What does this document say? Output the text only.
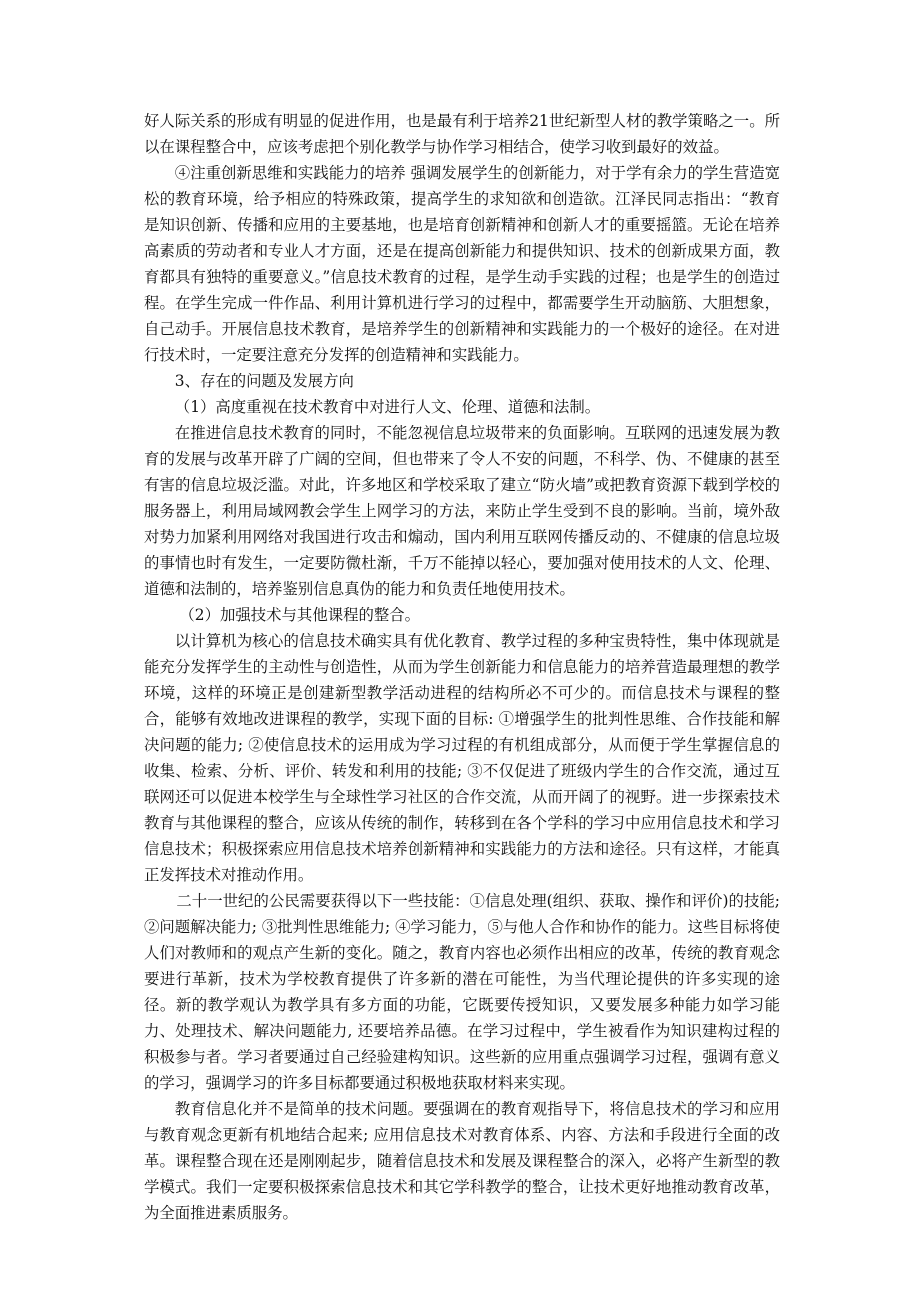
好人际关系的形成有明显的促进作用，也是最有利于培养21世纪新型人材的教学策略之一。所以在课程整合中，应该考虑把个别化教学与协作学习相结合，使学习收到最好的效益。

④注重创新思维和实践能力的培养 强调发展学生的创新能力，对于学有余力的学生营造宽松的教育环境，给予相应的特殊政策，提高学生的求知欲和创造欲。江泽民同志指出：“教育是知识创新、传播和应用的主要基地，也是培育创新精神和创新人才的重要摇篮。无论在培养高素质的劳动者和专业人才方面，还是在提高创新能力和提供知识、技术的创新成果方面，教育都具有独特的重要意义。”信息技术教育的过程，是学生动手实践的过程；也是学生的创造过程。在学生完成一件作品、利用计算机进行学习的过程中，都需要学生开动脑筋、大胆想象，自己动手。开展信息技术教育，是培养学生的创新精神和实践能力的一个极好的途径。在对进行技术时，一定要注意充分发挥的创造精神和实践能力。

3、存在的问题及发展方向

（1）高度重视在技术教育中对进行人文、伦理、道德和法制。

在推进信息技术教育的同时，不能忽视信息垃圾带来的负面影响。互联网的迅速发展为教育的发展与改革开辟了广阔的空间，但也带来了令人不安的问题，不科学、伪、不健康的甚至有害的信息垃圾泛滥。对此，许多地区和学校采取了建立“防火墙”或把教育资源下载到学校的服务器上，利用局域网教会学生上网学习的方法，来防止学生受到不良的影响。当前，境外敌对势力加紧利用网络对我国进行攻击和煽动，国内利用互联网传播反动的、不健康的信息垃圾的事情也时有发生，一定要防微杜渐，千万不能掉以轻心，要加强对使用技术的人文、伦理、道德和法制的，培养鉴别信息真伪的能力和负责任地使用技术。

（2）加强技术与其他课程的整合。

以计算机为核心的信息技术确实具有优化教育、教学过程的多种宝贵特性，集中体现就是能充分发挥学生的主动性与创造性，从而为学生创新能力和信息能力的培养营造最理想的教学环境，这样的环境正是创建新型教学活动进程的结构所必不可少的。而信息技术与课程的整合，能够有效地改进课程的教学，实现下面的目标: ①增强学生的批判性思维、合作技能和解决问题的能力; ②使信息技术的运用成为学习过程的有机组成部分，从而便于学生掌握信息的收集、检索、分析、评价、转发和利用的技能; ③不仅促进了班级内学生的合作交流，通过互联网还可以促进本校学生与全球性学习社区的合作交流，从而开阔了的视野。进一步探索技术教育与其他课程的整合，应该从传统的制作，转移到在各个学科的学习中应用信息技术和学习信息技术；积极探索应用信息技术培养创新精神和实践能力的方法和途径。只有这样，才能真正发挥技术对推动作用。

二十一世纪的公民需要获得以下一些技能：①信息处理(组织、获取、操作和评价)的技能; ②问题解决能力; ③批判性思维能力; ④学习能力，⑤与他人合作和协作的能力。这些目标将使人们对教师和的观点产生新的变化。随之，教育内容也必须作出相应的改革，传统的教育观念要进行革新，技术为学校教育提供了许多新的潜在可能性，为当代理论提供的许多实现的途径。新的教学观认为教学具有多方面的功能，它既要传授知识，又要发展多种能力如学习能力、处理技术、解决问题能力, 还要培养品德。在学习过程中，学生被看作为知识建构过程的积极参与者。学习者要通过自己经验建构知识。这些新的应用重点强调学习过程，强调有意义的学习，强调学习的许多目标都要通过积极地获取材料来实现。

教育信息化并不是简单的技术问题。要强调在的教育观指导下，将信息技术的学习和应用与教育观念更新有机地结合起来; 应用信息技术对教育体系、内容、方法和手段进行全面的改革。课程整合现在还是刚刚起步，随着信息技术和发展及课程整合的深入，必将产生新型的教学模式。我们一定要积极探索信息技术和其它学科教学的整合，让技术更好地推动教育改革，为全面推进素质服务。
